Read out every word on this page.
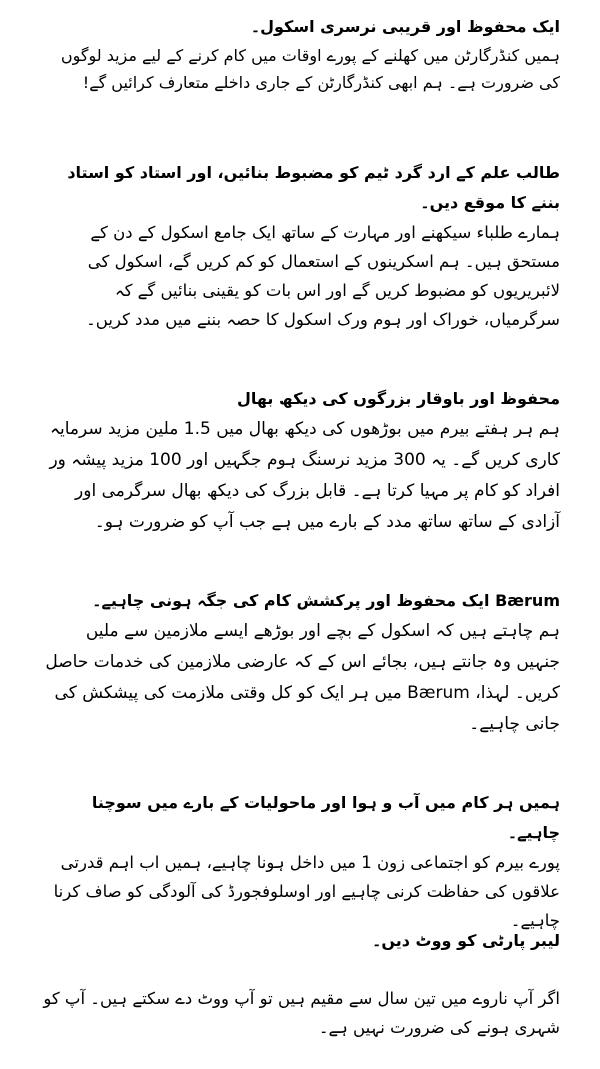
ایک محفوظ اور قریبی نرسری اسکول۔

ہمیں کنڈرگارٹن میں کھلنے کے پورے اوقات میں کام کرنے کے لیے مزید لوگوں کی ضرورت ہے۔ ہم ابھی کنڈرگارٹن کے جاری داخلے متعارف کرائیں گے!

طالب علم کے ارد گرد ٹیم کو مضبوط بنائیں، اور استاد کو استاد بننے کا موقع دیں۔

ہمارے طلباء سیکھنے اور مہارت کے ساتھ ایک جامع اسکول کے دن کے مستحق ہیں۔ ہم اسکرینوں کے استعمال کو کم کریں گے، اسکول کی لائبریریوں کو مضبوط کریں گے اور اس بات کو یقینی بنائیں گے کہ سرگرمیاں، خوراک اور ہوم ورک اسکول کا حصہ بننے میں مدد کریں۔

محفوظ اور باوقار بزرگوں کی دیکھ بھال

ہم ہر ہفتے بیرم میں بوڑھوں کی دیکھ بھال میں 1.5 ملین مزید سرمایہ کاری کریں گے۔ یہ 300 مزید نرسنگ ہوم جگہیں اور 100 مزید پیشہ ور افراد کو کام پر مہیا کرتا ہے۔ قابل بزرگ کی دیکھ بھال سرگرمی اور آزادی کے ساتھ ساتھ مدد کے بارے میں ہے جب آپ کو ضرورت ہو۔

Bærum ایک محفوظ اور پرکشش کام کی جگہ ہونی چاہیے۔

ہم چاہتے ہیں کہ اسکول کے بچے اور بوڑھے ایسے ملازمین سے ملیں جنہیں وہ جانتے ہیں، بجائے اس کے کہ عارضی ملازمین کی خدمات حاصل کریں۔ لہذا، Bærum میں ہر ایک کو کل وقتی ملازمت کی پیشکش کی جانی چاہیے۔

ہمیں ہر کام میں آب و ہوا اور ماحولیات کے بارے میں سوچنا چاہیے۔

پورے بیرم کو اجتماعی زون 1 میں داخل ہونا چاہیے، ہمیں اب اہم قدرتی علاقوں کی حفاظت کرنی چاہیے اور اوسلوفجورڈ کی آلودگی کو صاف کرنا چاہیے۔

لیبر پارٹی کو ووٹ دیں۔

اگر آپ ناروے میں تین سال سے مقیم ہیں تو آپ ووٹ دے سکتے ہیں۔ آپ کو شہری ہونے کی ضرورت نہیں ہے۔
